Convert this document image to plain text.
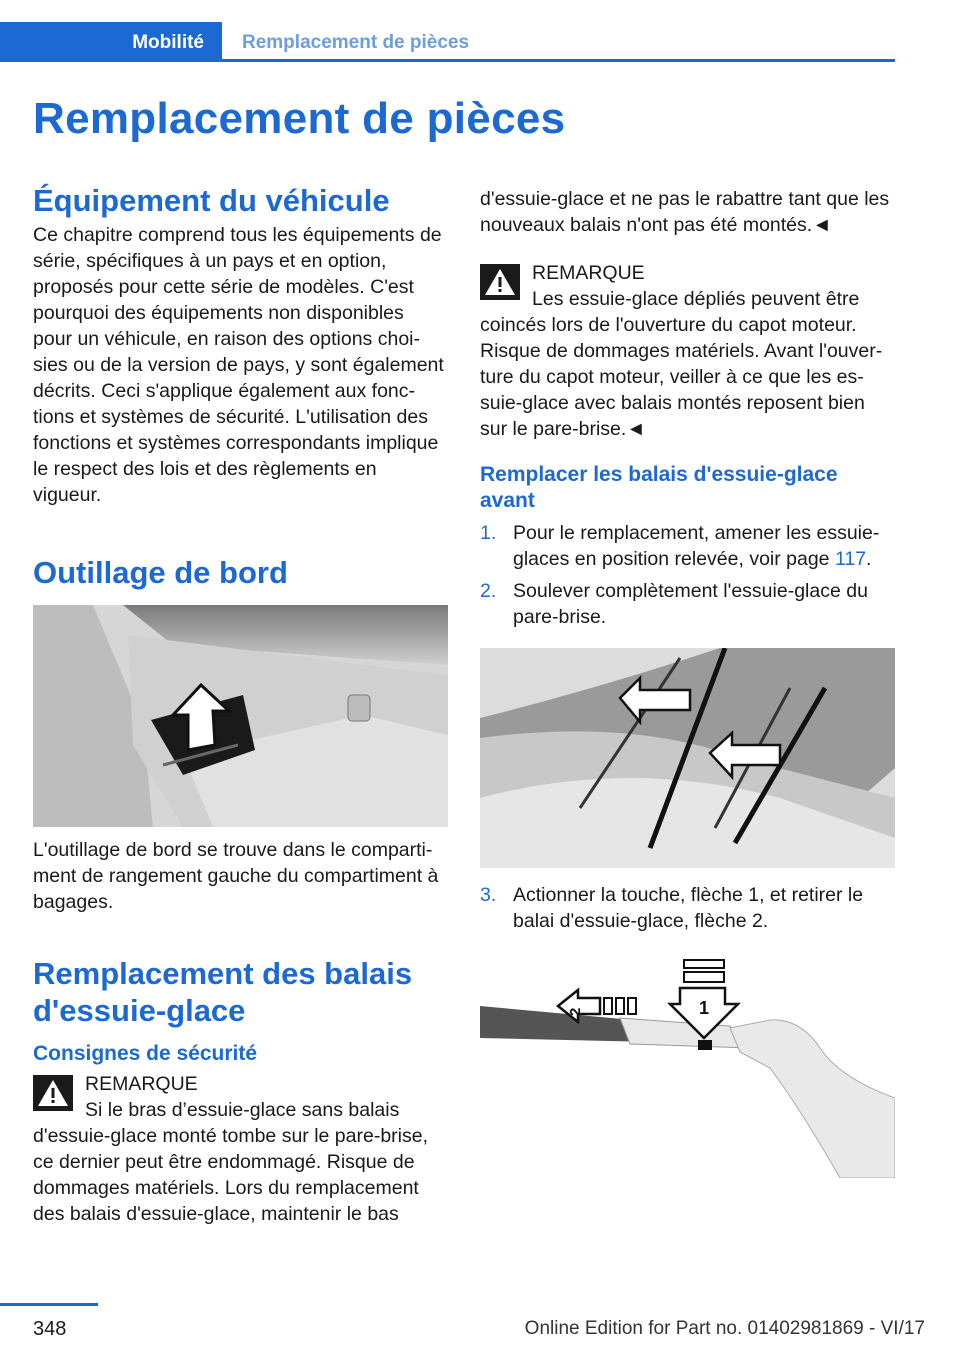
Mobilité	Remplacement de pièces
Remplacement de pièces
Équipement du véhicule

Ce chapitre comprend tous les équipements de série, spécifiques à un pays et en option, proposés pour cette série de modèles. C'est pourquoi des équipements non disponibles pour un véhicule, en raison des options choisies ou de la version de pays, y sont également décrits. Ceci s'applique également aux fonctions et systèmes de sécurité. L'utilisation des fonctions et systèmes correspondants implique le respect des lois et des règlements en vigueur.

Outillage de bord

L'outillage de bord se trouve dans le compartiment de rangement gauche du compartiment à bagages.

Remplacement des balais d'essuie-glace
Consignes de sécurité
REMARQUE
Si le bras d’essuie-glace sans balais
d'essuie-glace monté tombe sur le pare-brise, ce dernier peut être endommagé. Risque de dommages matériels. Lors du remplacement des balais d'essuie-glace, maintenir le bas

d'essuie-glace et ne pas le rabattre tant que les nouveaux balais n'ont pas été montés.◄

REMARQUE
Les essuie-glace dépliés peuvent être
coincés lors de l'ouverture du capot moteur. Risque de dommages matériels. Avant l'ouverture du capot moteur, veiller à ce que les essuie-glace avec balais montés reposent bien sur le pare-brise.◄
Remplacer les balais d'essuie-glace avant
1. Pour le remplacement, amener les essuie-glaces en position relevée, voir page 117.
2. Soulever complètement l'essuie-glace du pare-brise.
3. Actionner la touche, flèche 1, et retirer le balai d'essuie-glace, flèche 2.
1
2
348	Online Edition for Part no. 01402981869 - VI/17
